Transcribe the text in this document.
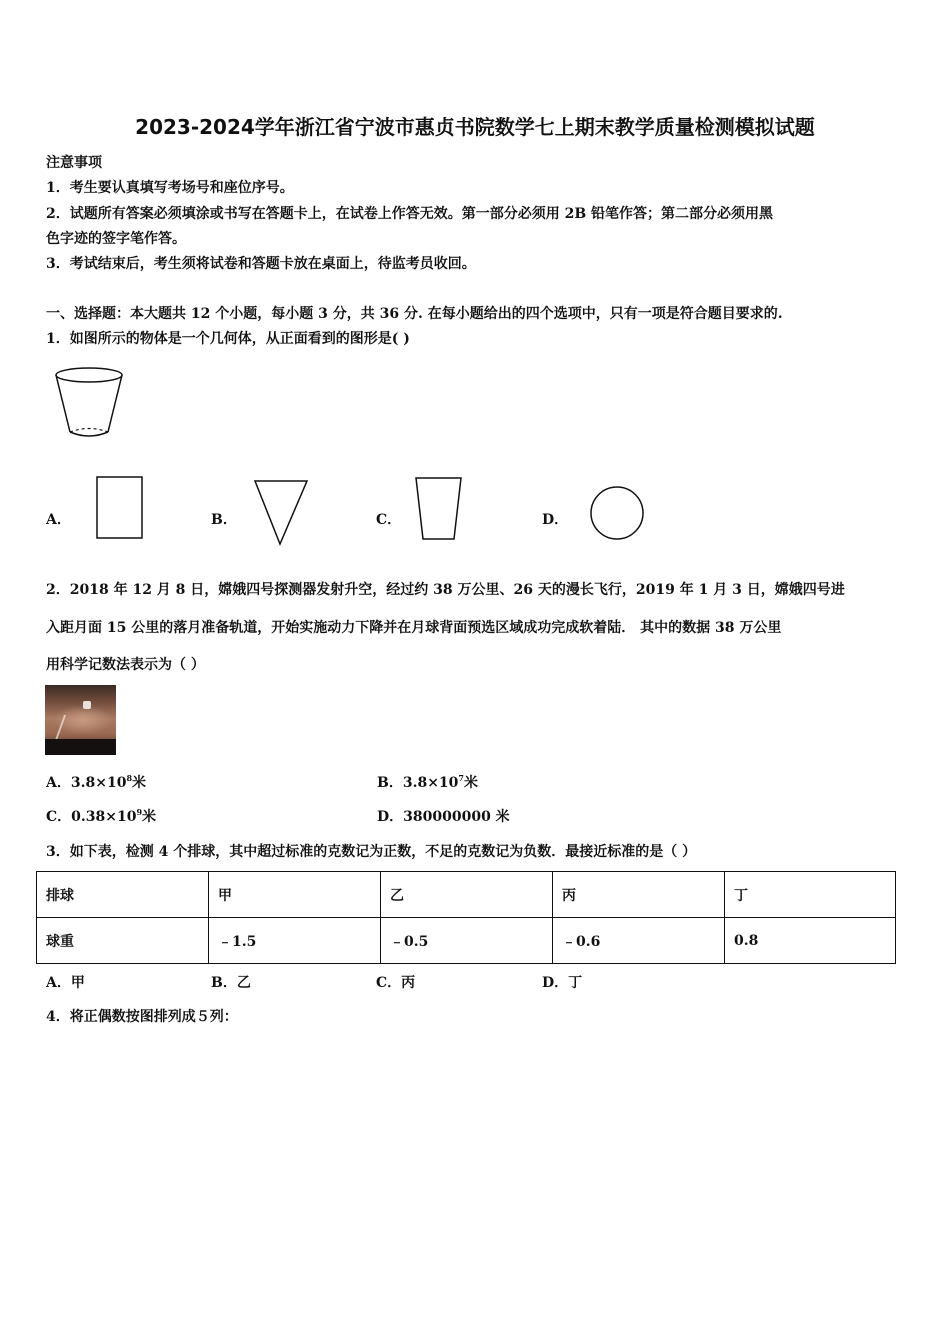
2023-2024学年浙江省宁波市惠贞书院数学七上期末教学质量检测模拟试题
注意事项
1．考生要认真填写考场号和座位序号。
2．试题所有答案必须填涂或书写在答题卡上，在试卷上作答无效。第一部分必须用 2B 铅笔作答；第二部分必须用黑
色字迹的签字笔作答。
3．考试结束后，考生须将试卷和答题卡放在桌面上，待监考员收回。
一、选择题：本大题共 12 个小题，每小题 3 分，共 36 分. 在每小题给出的四个选项中，只有一项是符合题目要求的.
1．如图所示的物体是一个几何体，从正面看到的图形是( )
A．	B．	C．	D．
2．2018 年 12 月 8 日，嫦娥四号探测器发射升空，经过约 38 万公里、26 天的漫长飞行，2019 年 1 月 3 日，嫦娥四号进
入距月面 15 公里的落月准备轨道，开始实施动力下降并在月球背面预选区域成功完成软着陆． 其中的数据 38 万公里
用科学记数法表示为（ ）
A．$3.8\times 10^8$米	B．$3.8\times 10^7$米
C．$0.38\times 10^9$米	D．380000000 米
3．如下表，检测 4 个排球，其中超过标准的克数记为正数，不足的克数记为负数．最接近标准的是（ ）
排球	甲	乙	丙	丁
球重	﹣1.5	﹣0.5	﹣0.6	0.8
A．甲	B．乙	C．丙	D．丁
4．将正偶数按图排列成５列：
